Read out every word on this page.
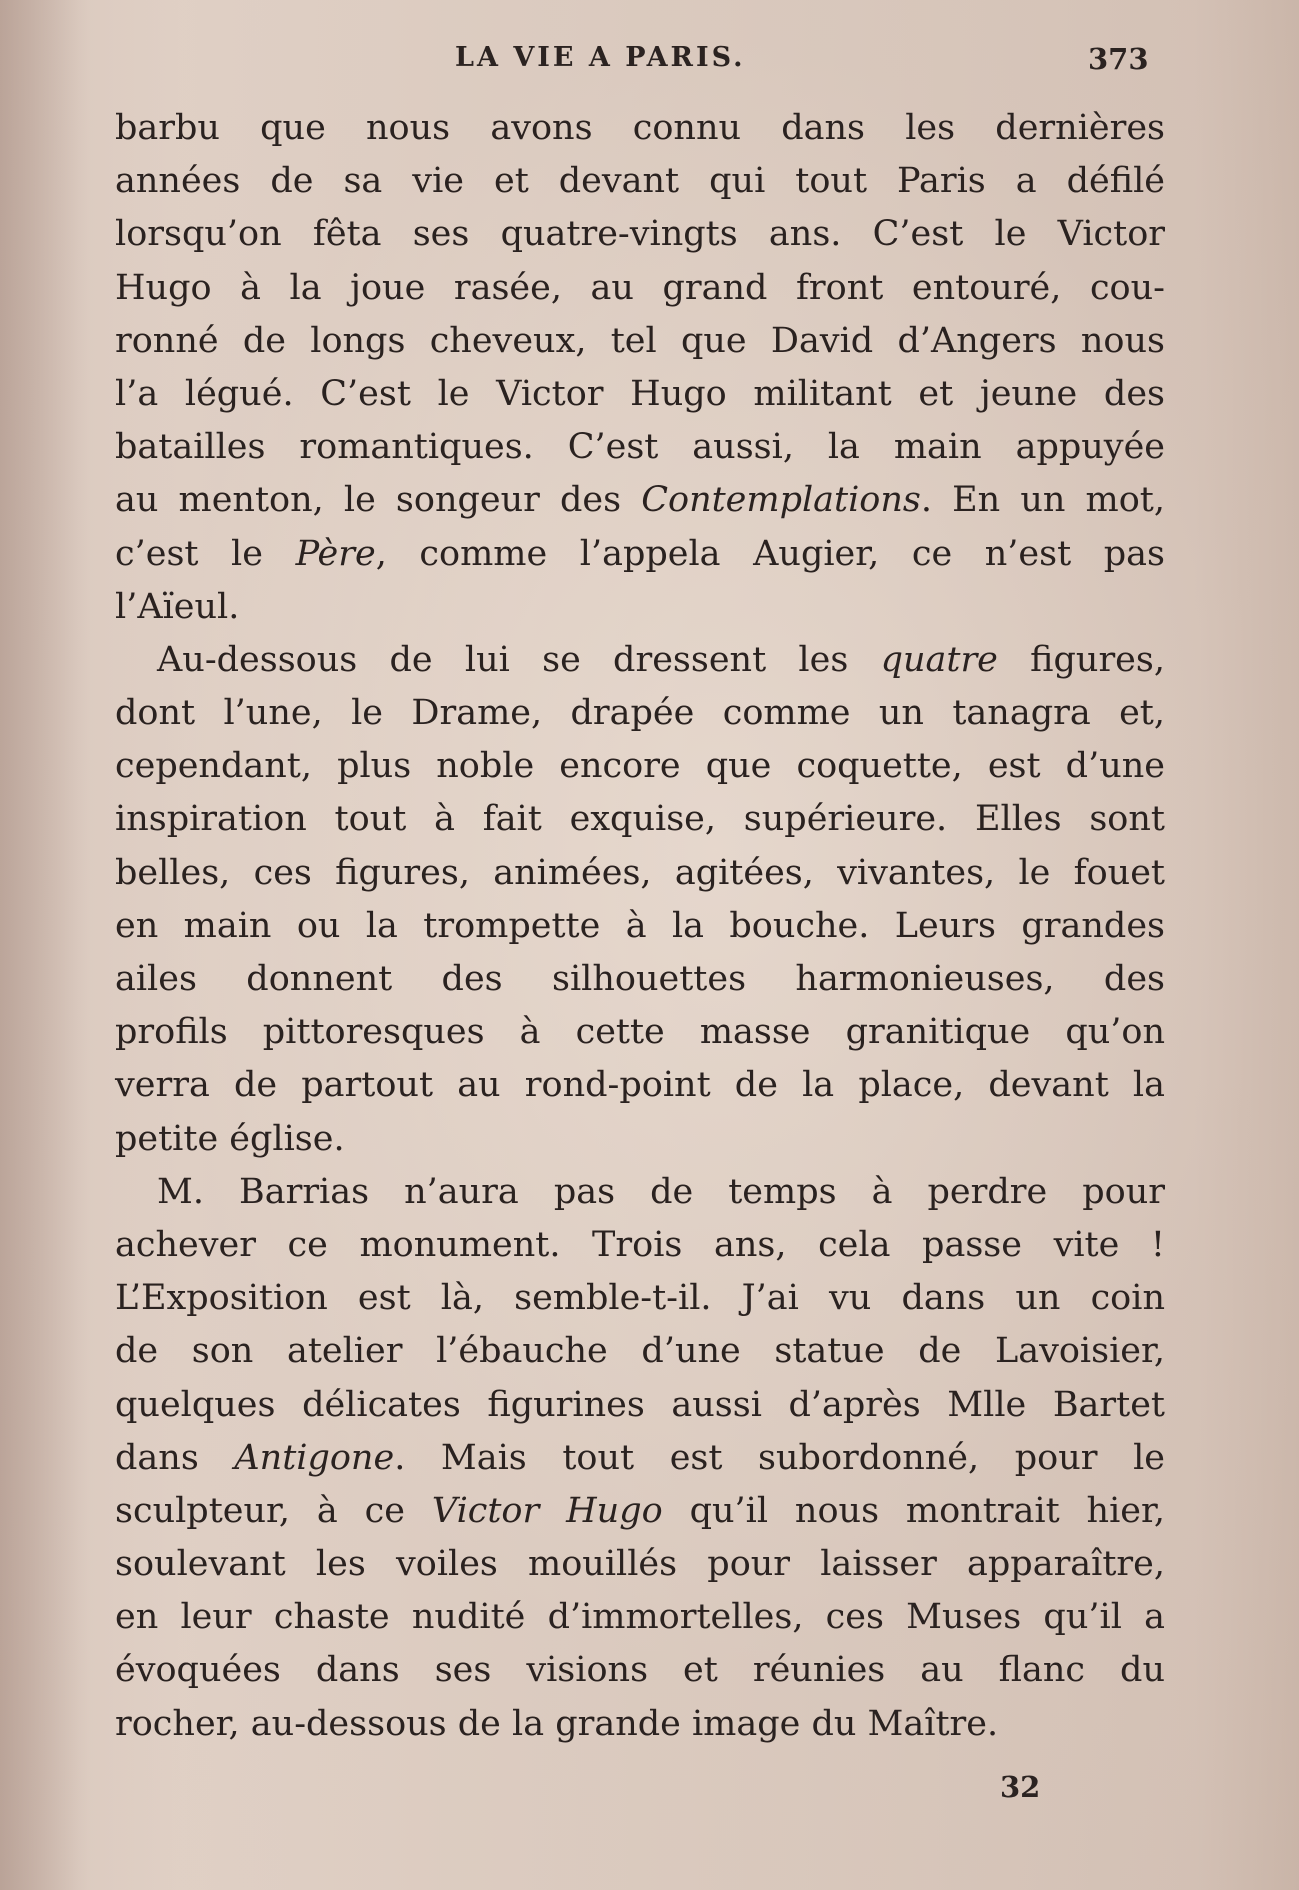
LA VIE A PARIS.	373
barbu que nous avons connu dans les dernières
années de sa vie et devant qui tout Paris a défilé
lorsqu’on fêta ses quatre-vingts ans. C’est le Victor
Hugo à la joue rasée, au grand front entouré, cou-
ronné de longs cheveux, tel que David d’Angers nous
l’a légué. C’est le Victor Hugo militant et jeune des
batailles romantiques. C’est aussi, la main appuyée
au menton, le songeur des Contemplations. En un mot,
c’est le Père, comme l’appela Augier, ce n’est pas
l’Aïeul.
Au-dessous de lui se dressent les quatre figures,
dont l’une, le Drame, drapée comme un tanagra et,
cependant, plus noble encore que coquette, est d’une
inspiration tout à fait exquise, supérieure. Elles sont
belles, ces figures, animées, agitées, vivantes, le fouet
en main ou la trompette à la bouche. Leurs grandes
ailes donnent des silhouettes harmonieuses, des
profils pittoresques à cette masse granitique qu’on
verra de partout au rond-point de la place, devant la
petite église.
M. Barrias n’aura pas de temps à perdre pour
achever ce monument. Trois ans, cela passe vite !
L’Exposition est là, semble-t-il. J’ai vu dans un coin
de son atelier l’ébauche d’une statue de Lavoisier,
quelques délicates figurines aussi d’après Mlle Bartet
dans Antigone. Mais tout est subordonné, pour le
sculpteur, à ce Victor Hugo qu’il nous montrait hier,
soulevant les voiles mouillés pour laisser apparaître,
en leur chaste nudité d’immortelles, ces Muses qu’il a
évoquées dans ses visions et réunies au flanc du
rocher, au-dessous de la grande image du Maître.
32
